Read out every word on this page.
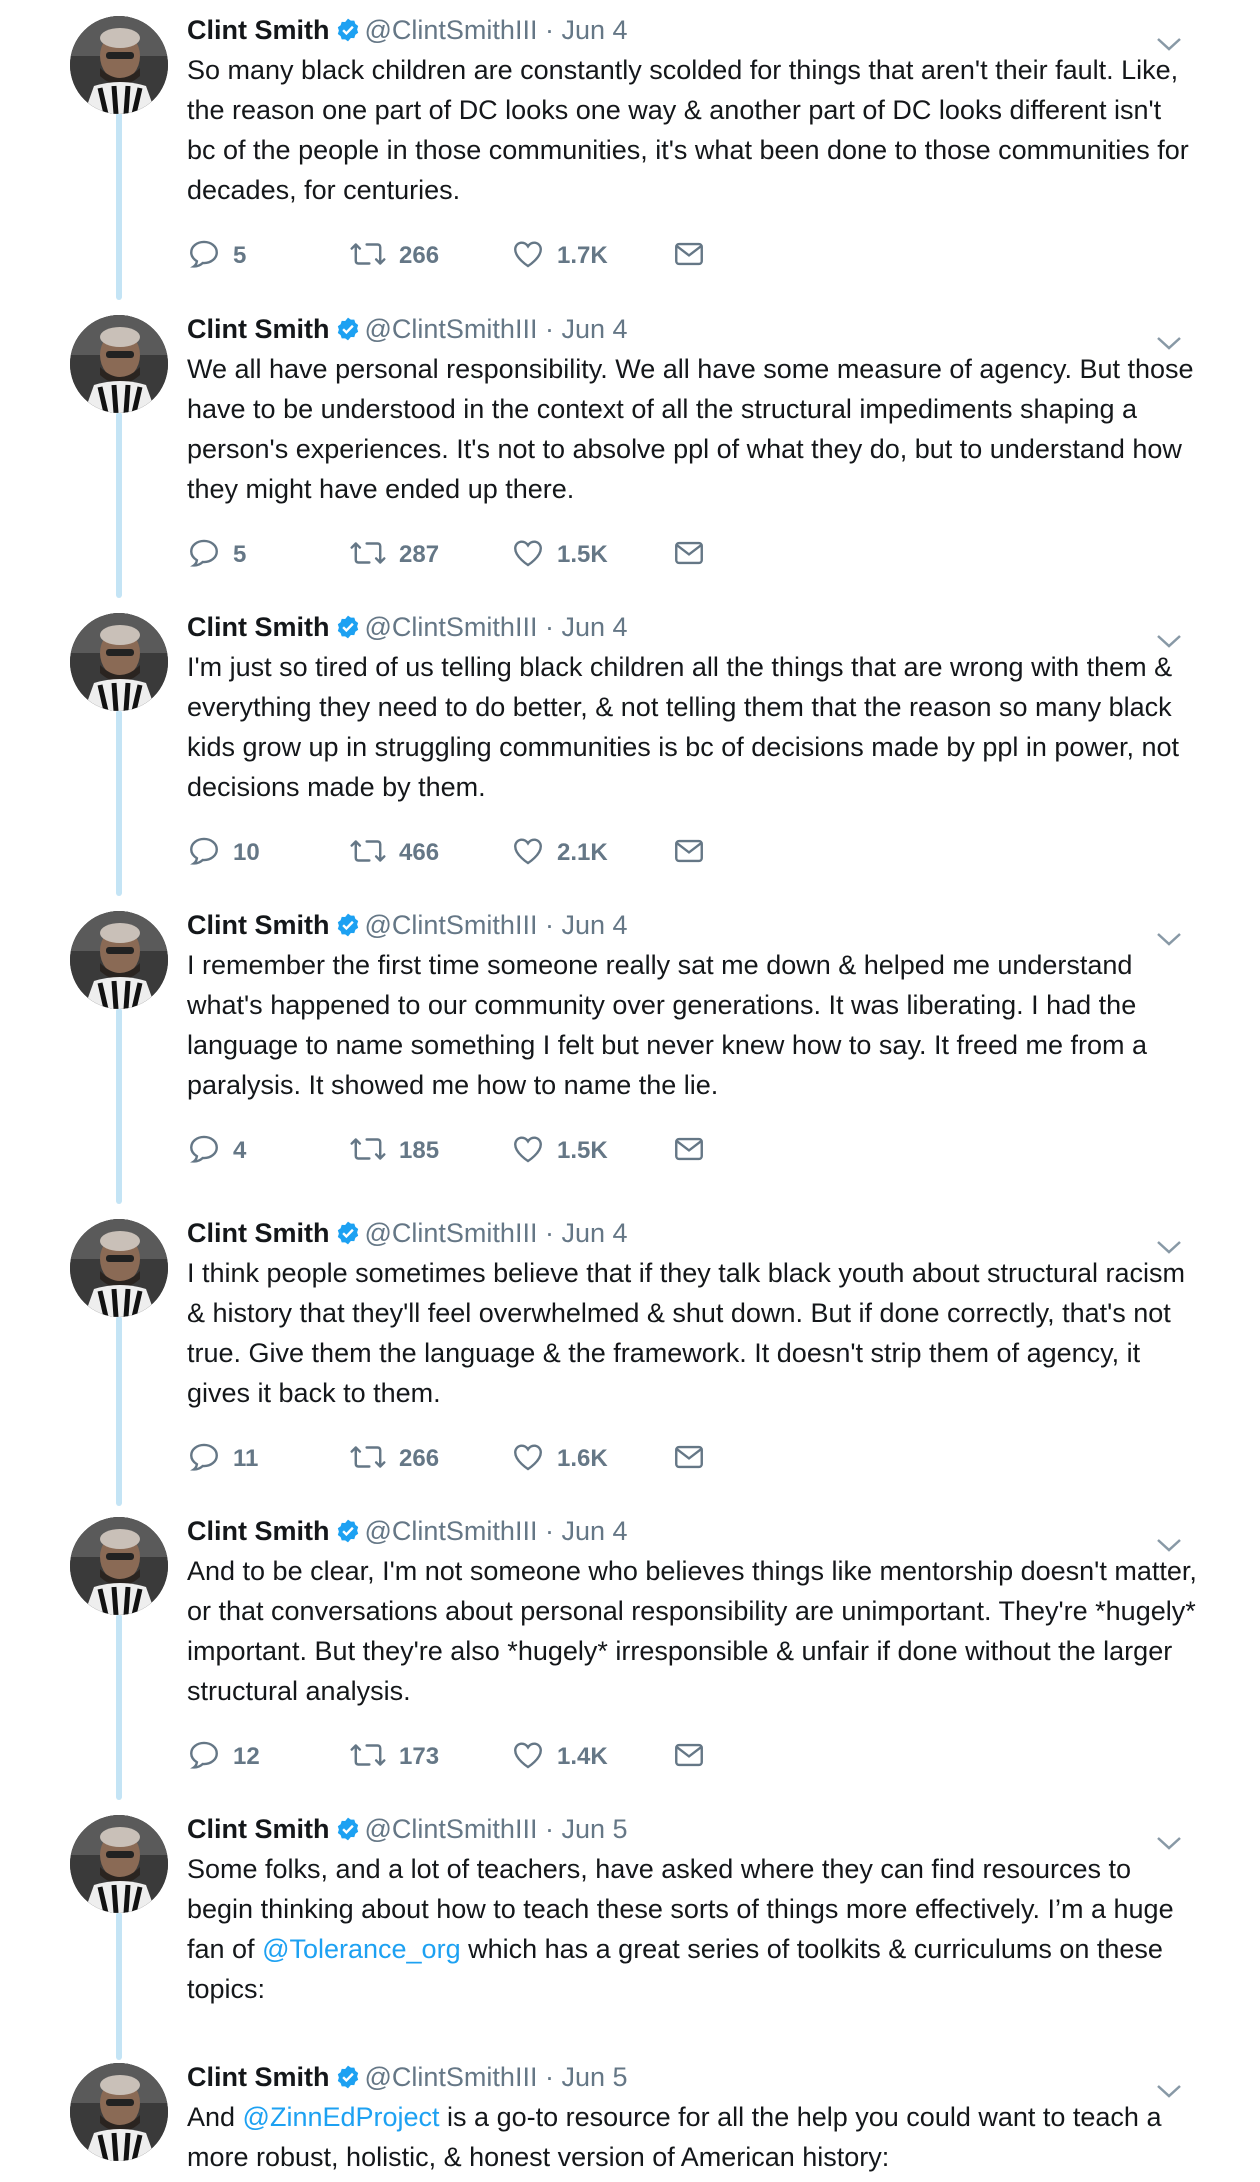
Clint Smith @ClintSmithIII · Jun 4
So many black children are constantly scolded for things that aren't their fault. Like, the reason one part of DC looks one way & another part of DC looks different isn't bc of the people in those communities, it's what been done to those communities for decades, for centuries.
5	266	1.7K
Clint Smith @ClintSmithIII · Jun 4
We all have personal responsibility. We all have some measure of agency. But those have to be understood in the context of all the structural impediments shaping a person's experiences. It's not to absolve ppl of what they do, but to understand how they might have ended up there.
5	287	1.5K
Clint Smith @ClintSmithIII · Jun 4
I'm just so tired of us telling black children all the things that are wrong with them & everything they need to do better, & not telling them that the reason so many black kids grow up in struggling communities is bc of decisions made by ppl in power, not decisions made by them.
10	466	2.1K
Clint Smith @ClintSmithIII · Jun 4
I remember the first time someone really sat me down & helped me understand what's happened to our community over generations. It was liberating. I had the language to name something I felt but never knew how to say. It freed me from a paralysis. It showed me how to name the lie.
4	185	1.5K
Clint Smith @ClintSmithIII · Jun 4
I think people sometimes believe that if they talk black youth about structural racism & history that they'll feel overwhelmed & shut down. But if done correctly, that's not true. Give them the language & the framework. It doesn't strip them of agency, it gives it back to them.
11	266	1.6K
Clint Smith @ClintSmithIII · Jun 4
And to be clear, I'm not someone who believes things like mentorship doesn't matter, or that conversations about personal responsibility are unimportant. They're *hugely* important. But they're also *hugely* irresponsible & unfair if done without the larger structural analysis.
12	173	1.4K
Clint Smith @ClintSmithIII · Jun 5
Some folks, and a lot of teachers, have asked where they can find resources to begin thinking about how to teach these sorts of things more effectively. I’m a huge fan of @Tolerance_org which has a great series of toolkits & curriculums on these topics:
Clint Smith @ClintSmithIII · Jun 5
And @ZinnEdProject is a go-to resource for all the help you could want to teach a more robust, holistic, & honest version of American history:
